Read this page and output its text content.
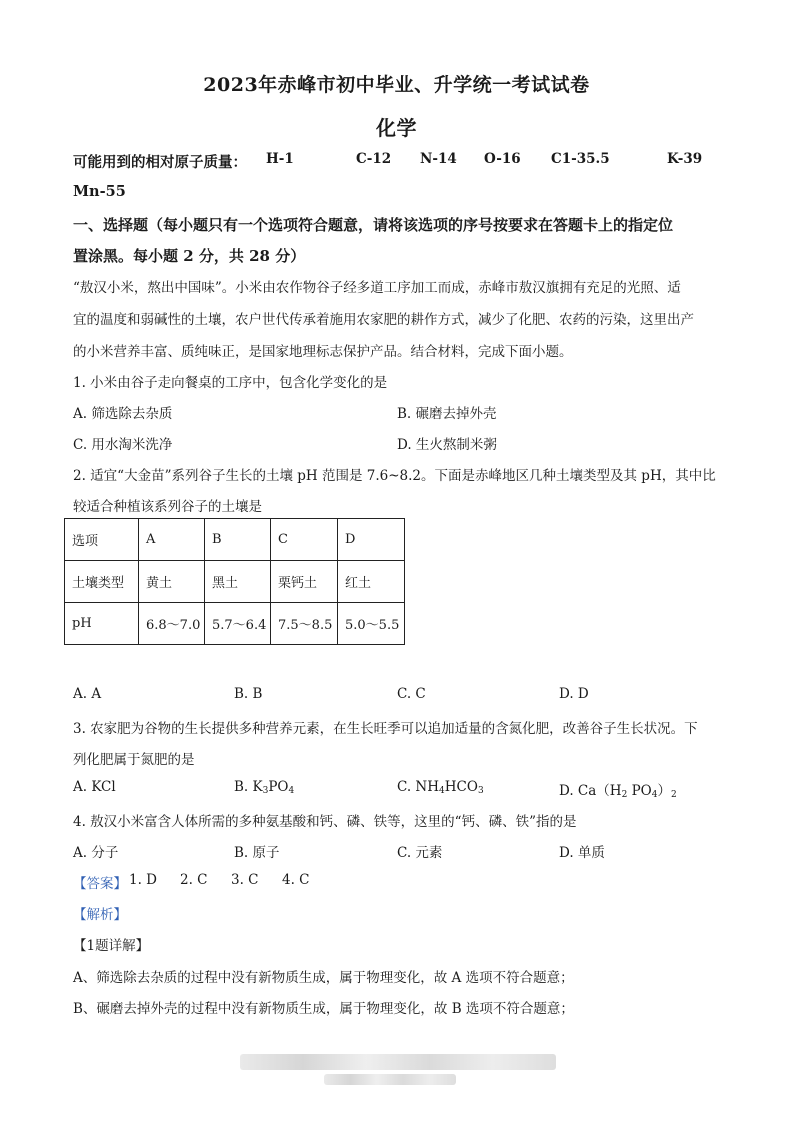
2023年赤峰市初中毕业、升学统一考试试卷
化学
可能用到的相对原子质量： H-1	C-12 N-14 O-16 C1-35.5	K-39
Mn-55
一、选择题（每小题只有一个选项符合题意，请将该选项的序号按要求在答题卡上的指定位
置涂黑。每小题 2 分，共 28 分）
“敖汉小米，熬出中国味”。小米由农作物谷子经多道工序加工而成，赤峰市敖汉旗拥有充足的光照、适
宜的温度和弱碱性的土壤，农户世代传承着施用农家肥的耕作方式，减少了化肥、农药的污染，这里出产
的小米营养丰富、质纯味正，是国家地理标志保护产品。结合材料，完成下面小题。
1. 小米由谷子走向餐桌的工序中，包含化学变化的是
A. 筛选除去杂质	B. 碾磨去掉外壳
C. 用水淘米洗净	D. 生火熬制米粥
2. 适宜“大金苗”系列谷子生长的土壤 pH 范围是 7.6~8.2。下面是赤峰地区几种土壤类型及其 pH，其中比
较适合种植该系列谷子的土壤是
选项	A	B	C	D
土壤类型	黄土	黑土	栗钙土	红土
pH	6.8～7.0	5.7～6.4	7.5～8.5	5.0～5.5
A. A	B. B	C. C	D. D
3. 农家肥为谷物的生长提供多种营养元素，在生长旺季可以追加适量的含氮化肥，改善谷子生长状况。下
列化肥属于氮肥的是
A. KCl	B. $K_3PO_4$	C. $NH_4HCO_3$	D. $Ca(H_2$ $PO_4)_2$
4. 敖汉小米富含人体所需的多种氨基酸和钙、磷、铁等，这里的“钙、磷、铁”指的是
A. 分子	B. 原子	C. 元素	D. 单质
【答案】 1. D 2. C 3. C 4. C
【解析】
【1题详解】
A、筛选除去杂质的过程中没有新物质生成，属于物理变化，故 A 选项不符合题意；
B、碾磨去掉外壳的过程中没有新物质生成，属于物理变化，故 B 选项不符合题意；
